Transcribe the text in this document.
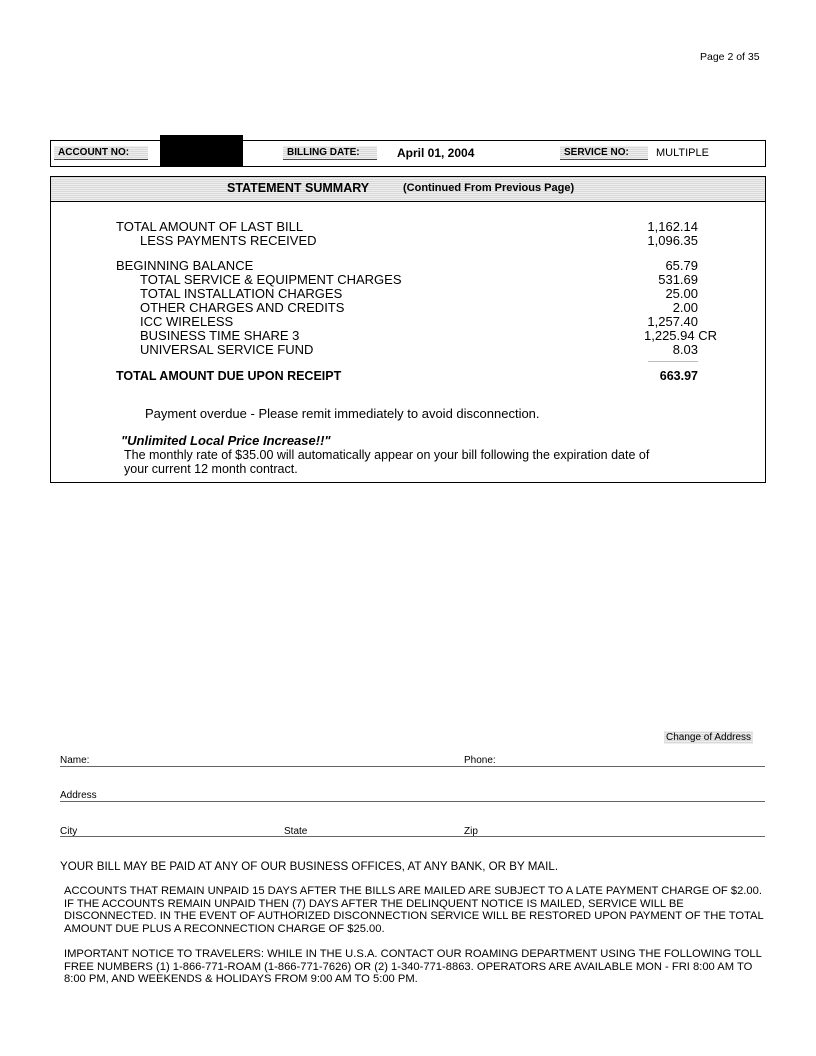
Page 2 of 35
ACCOUNT NO:	BILLING DATE:	April 01, 2004	SERVICE NO:	MULTIPLE
STATEMENT SUMMARY	(Continued From Previous Page)
TOTAL AMOUNT OF LAST BILL	1,162.14
LESS PAYMENTS RECEIVED	1,096.35
BEGINNING BALANCE	65.79
TOTAL SERVICE & EQUIPMENT CHARGES	531.69
TOTAL INSTALLATION CHARGES	25.00
OTHER CHARGES AND CREDITS	2.00
ICC WIRELESS	1,257.40
BUSINESS TIME SHARE 3	1,225.94 CR
UNIVERSAL SERVICE FUND	8.03
TOTAL AMOUNT DUE UPON RECEIPT	663.97
Payment overdue - Please remit immediately to avoid disconnection.
"Unlimited Local Price Increase!!"
The monthly rate of $35.00 will automatically appear on your bill following the expiration date of
your current 12 month contract.
Change of Address
Name:	Phone:
Address
City	State	Zip
YOUR BILL MAY BE PAID AT ANY OF OUR BUSINESS OFFICES, AT ANY BANK, OR BY MAIL.
ACCOUNTS THAT REMAIN UNPAID 15 DAYS AFTER THE BILLS ARE MAILED ARE SUBJECT TO A LATE PAYMENT CHARGE OF $2.00. IF THE ACCOUNTS REMAIN UNPAID THEN (7) DAYS AFTER THE DELINQUENT NOTICE IS MAILED, SERVICE WILL BE DISCONNECTED. IN THE EVENT OF AUTHORIZED DISCONNECTION SERVICE WILL BE RESTORED UPON PAYMENT OF THE TOTAL AMOUNT DUE PLUS A RECONNECTION CHARGE OF $25.00.
IMPORTANT NOTICE TO TRAVELERS: WHILE IN THE U.S.A. CONTACT OUR ROAMING DEPARTMENT USING THE FOLLOWING TOLL FREE NUMBERS (1) 1-866-771-ROAM (1-866-771-7626) OR (2) 1-340-771-8863. OPERATORS ARE AVAILABLE MON - FRI 8:00 AM TO 8:00 PM, AND WEEKENDS & HOLIDAYS FROM 9:00 AM TO 5:00 PM.
